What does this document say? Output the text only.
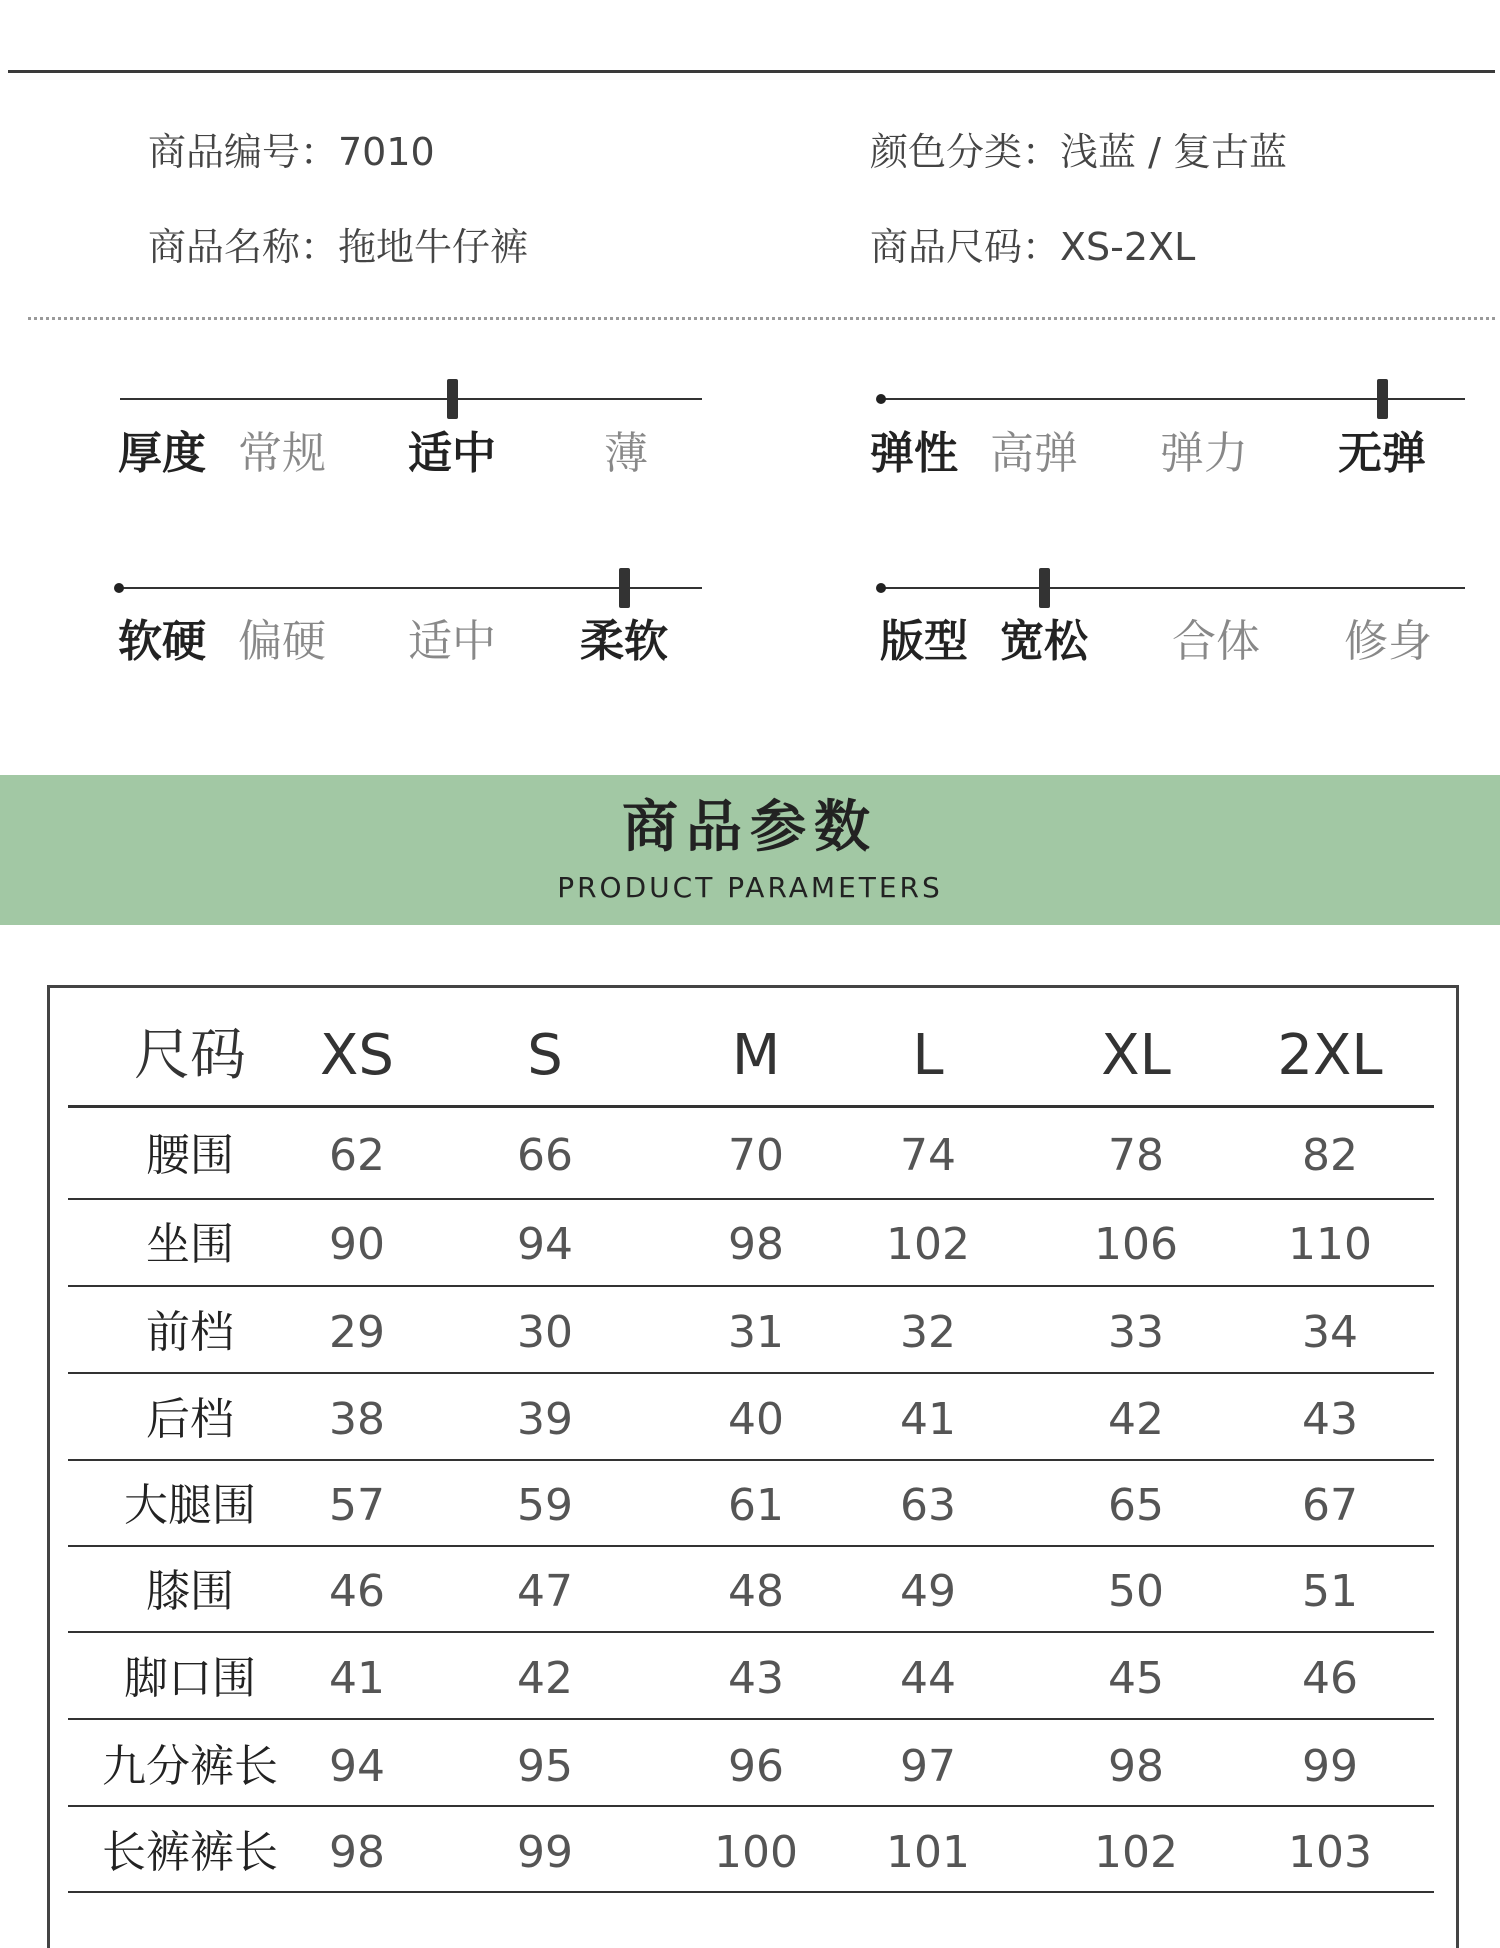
商品编号：7010	颜色分类：浅蓝 / 复古蓝
商品名称：拖地牛仔裤	商品尺码：XS-2XL
厚度 常规 适中 薄	弹性 高弹 弹力 无弹
软硬 偏硬 适中 柔软	版型 宽松 合体 修身
商品参数
PRODUCT PARAMETERS
尺码 XS S	M L	XL 2XL
腰围 62	66	70	74	78	82
坐围 90	94	98 102	106	110
前档 29	30	31	32	33	34
后档 38	39	40	41	42	43
大腿围 57	59	61	63	65	67
膝围 46	47	48	49	50	51
脚口围 41	42	43	44	45	46
九分裤长 94	95	96	97	98	99
长裤裤长 98	99	100 101	102	103
